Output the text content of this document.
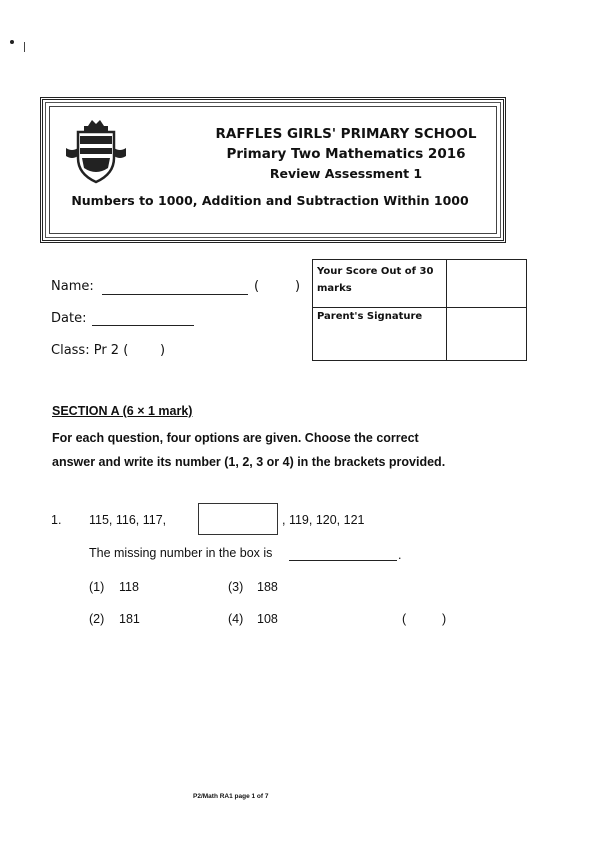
RAFFLES GIRLS' PRIMARY SCHOOL
Primary Two Mathematics 2016
Review Assessment 1
Numbers to 1000, Addition and Subtraction Within 1000
Name:	(	)
Date:
Class: Pr 2 ( )
Your Score Out of 30 marks	
Parent's Signature	
SECTION A (6 × 1 mark)
For each question, four options are given. Choose the correct
answer and write its number (1, 2, 3 or 4) in the brackets provided.
1. 115, 116, 117,	, 119, 120, 121
The missing number in the box is	.
(1) 118	(3) 188
(2) 181	(4) 108	(	)
P2/Math RA1 page 1 of 7
